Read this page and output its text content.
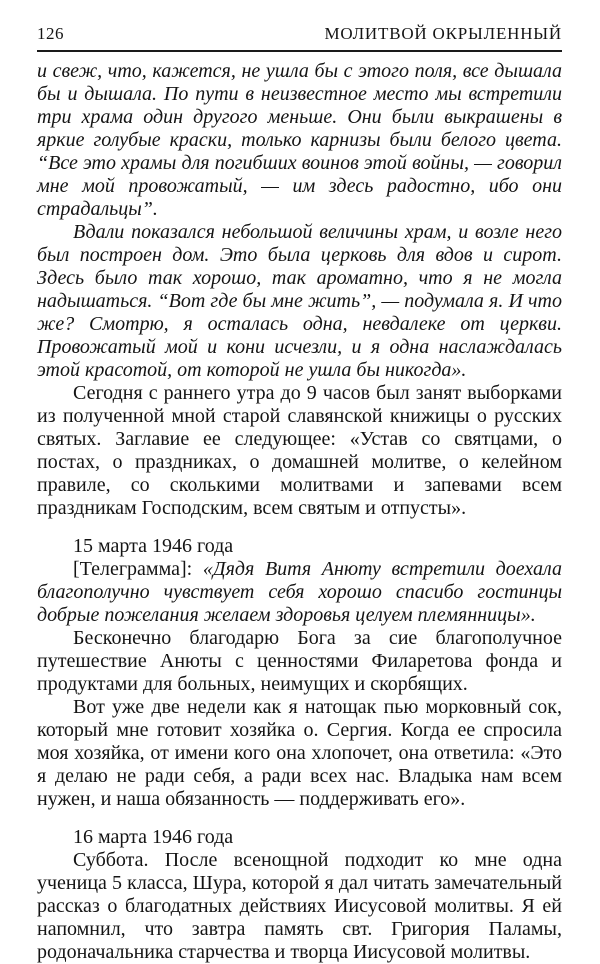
126	МОЛИТВОЙ ОКРЫЛЕННЫЙ

и свеж, что, кажется, не ушла бы с этого поля, все дышала бы и дышала. По пути в неизвестное место мы встретили три храма один другого меньше. Они были выкрашены в яркие голубые краски, только карнизы были белого цвета. “Все это храмы для погибших воинов этой войны, — говорил мне мой провожатый, — им здесь радостно, ибо они страдальцы”.

Вдали показался небольшой величины храм, и возле него был построен дом. Это была церковь для вдов и сирот. Здесь было так хорошо, так ароматно, что я не могла надышаться. “Вот где бы мне жить”, — подумала я. И что же? Смотрю, я осталась одна, невдалеке от церкви. Провожатый мой и кони исчезли, и я одна наслаждалась этой красотой, от которой не ушла бы никогда».

Сегодня с раннего утра до 9 часов был занят выборками из полученной мной старой славянской книжицы о русских святых. Заглавие ее следующее: «Устав со святцами, о постах, о праздниках, о домашней молитве, о келейном правиле, со сколькими молитвами и запевами всем праздникам Господским, всем святым и отпусты».

15 марта 1946 года

[Телеграмма]: «Дядя Витя Анюту встретили доехала благополучно чувствует себя хорошо спасибо гостинцы добрые пожелания желаем здоровья целуем племянницы».

Бесконечно благодарю Бога за сие благополучное путешествие Анюты с ценностями Филаретова фонда и продуктами для больных, неимущих и скорбящих.

Вот уже две недели как я натощак пью морковный сок, который мне готовит хозяйка о. Сергия. Когда ее спросила моя хозяйка, от имени кого она хлопочет, она ответила: «Это я делаю не ради себя, а ради всех нас. Владыка нам всем нужен, и наша обязанность — поддерживать его».

16 марта 1946 года

Суббота. После всенощной подходит ко мне одна ученица 5 класса, Шура, которой я дал читать замечательный рассказ о благодатных действиях Иисусовой молитвы. Я ей напомнил, что завтра память свт. Григория Паламы, родоначальника старчества и творца Иисусовой молитвы.
